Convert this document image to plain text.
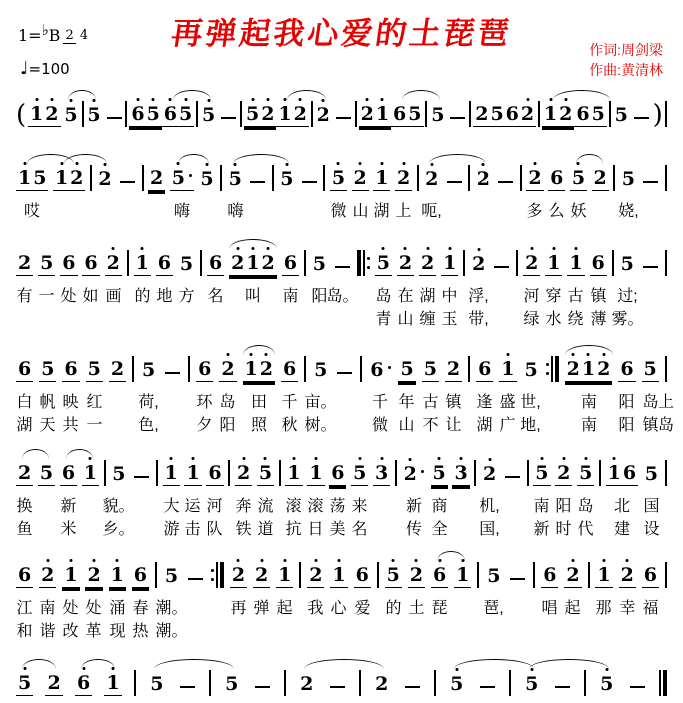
再弹起我心爱的土琵琶	作词:周剑梁
作曲:黄清林
1= ♭ B 2 4
♩=100
( 1 2 5 5 6 5 6 5 5 5 2 1 2 2 2 1 6 5 5 2 5 6 2 1 2 6 5 5 )
1 5 1 2 2 2 5 5 5 5 5 2 1 2 2 2 2 6 5 2 5
哎	嗨 嗨	微 山 湖 上 呃,	多 么 妖 娆,
2 5 6 6 2 1 6 5 6 2 1 2 6 5	5 2 2 1 2 2 1 1 6 5
有 一 处 如 画 的 地 方 名 叫 南 阳
岛。 岛 在 湖 中 浮, 河 穿 古 镇 过;
青 山 缠 玉 带, 绿 水 绕 薄 雾。
6 5 6 5 2 5 6 2 1 2 6 5 6 5 5 2 6 1 5 2 1 2 6 5
白 帆 映 红 荷, 环 岛 田 千 亩。 千 年 古 镇 逢 盛 世,	南 阳 岛 上
湖 天 共 一 色, 夕 阳 照 秋 树。 微 山 不 让 湖 广 地,	南 阳 镇 岛
2 5 6 1 5 1 1 6 2 5 1 1 6 5 3 2 5 3 2 5 2 5 1 6 5
换 新 貌。 大 运 河 奔 流 滚 滚 荡 来 新 商 机, 南 阳 岛 北 国
鱼 米 乡。 游 击 队 铁 道 抗 日 美 名 传 全 国, 新 时 代 建 设
6 2 1 2 1 6 5	2 2 1 2 1 6 5 2 6 1 5 6 2 1 2 6
江 南 处 处 涌 春 潮。	再 弹 起 我 心 爱 的 土 琵 琶, 唱 起 那 幸 福
和 谐 改 革 现 热 潮。
5 2 6 1 5	5	2	2	5	5	5
